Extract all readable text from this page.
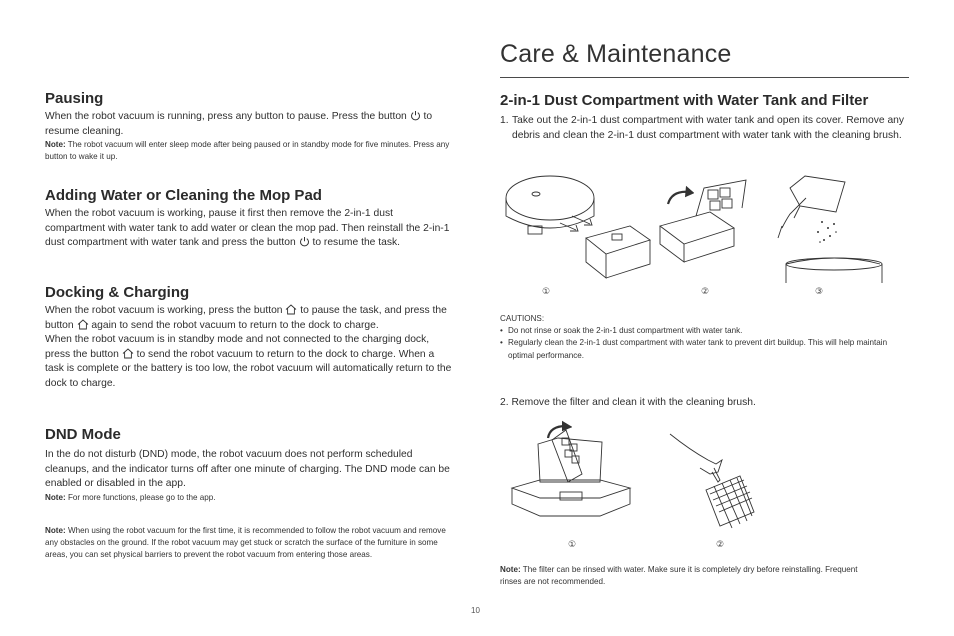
Care & Maintenance
Pausing

When the robot vacuum is running, press any button to pause. Press the button to resume cleaning.

Note: The robot vacuum will enter sleep mode after being paused or in standby mode for five minutes. Press any button to wake it up.

Adding Water or Cleaning the Mop Pad

When the robot vacuum is working, pause it first then remove the 2-in-1 dust compartment with water tank to add water or clean the mop pad. Then reinstall the 2-in-1 dust compartment with water tank and press the button to resume the task.

Docking & Charging

When the robot vacuum is working, press the button to pause the task, and press the button again to send the robot vacuum to return to the dock to charge.

When the robot vacuum is in standby mode and not connected to the charging dock, press the button to send the robot vacuum to return to the dock to charge. When a task is complete or the battery is too low, the robot vacuum will automatically return to the dock to charge.

DND Mode

In the do not disturb (DND) mode, the robot vacuum does not perform scheduled cleanups, and the indicator turns off after one minute of charging. The DND mode can be enabled or disabled in the app.

Note: For more functions, please go to the app.

Note: When using the robot vacuum for the first time, it is recommended to follow the robot vacuum and remove any obstacles on the ground. If the robot vacuum may get stuck or scratch the surface of the furniture in some areas, you can set physical barriers to prevent the robot vacuum from entering those areas.

2-in-1 Dust Compartment with Water Tank and Filter
1. Take out the 2-in-1 dust compartment with water tank and open its cover. Remove any debris and clean the 2-in-1 dust compartment with water tank with the cleaning brush.
①	②	③

CAUTIONS:

• Do not rinse or soak the 2-in-1 dust compartment with water tank.
• Regularly clean the 2-in-1 dust compartment with water tank to prevent dirt buildup. This will help maintain optimal performance.
2. Remove the filter and clean it with the cleaning brush.
①	②

Note: The filter can be rinsed with water. Make sure it is completely dry before reinstalling. Frequent rinses are not recommended.

10
